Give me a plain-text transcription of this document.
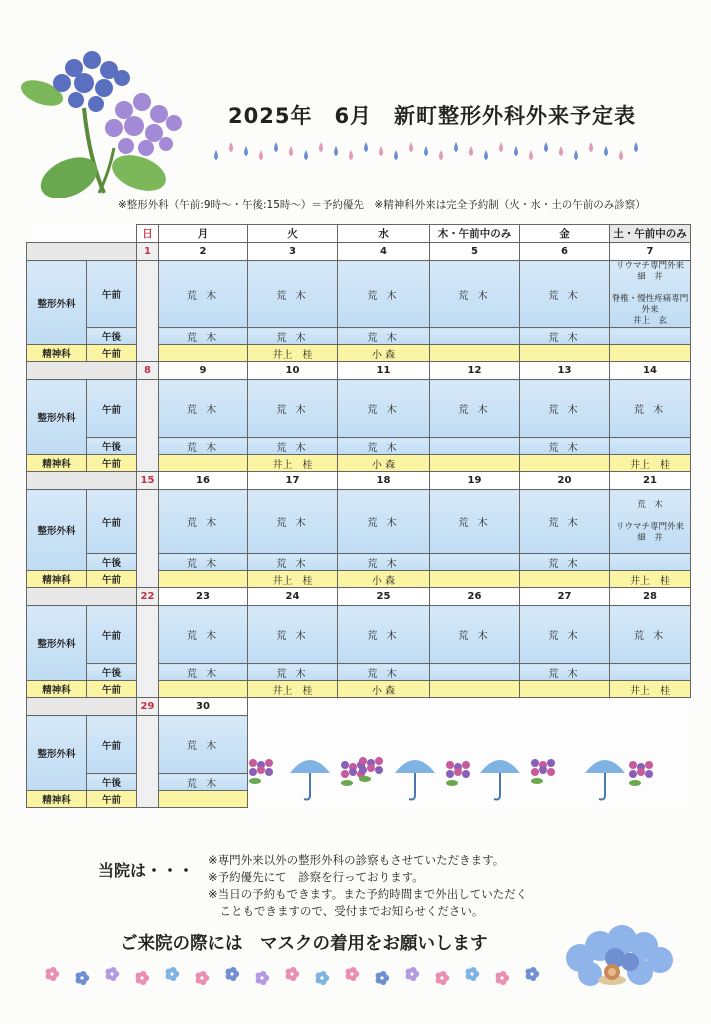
2025年　6月　新町整形外科外来予定表
※整形外科（午前:9時～・午後:15時～）＝予約優先　※精神科外来は完全予約制（火・水・土の午前のみ診察）
		日	月	火	水	木・午前中のみ	金	土・午前中のみ
		1	2	3	4	5	6	7
整形外科	午前		荒 木	荒 木	荒 木	荒 木	荒 木	リウマチ専門外来
細　井
脊椎・慢性疼痛専門外来
井上　玄

	午後		荒 木	荒 木	荒 木		荒 木	
精神科	午前			井上　桂	小 森			
		8	9	10	11	12	13	14
整形外科	午前		荒 木	荒 木	荒 木	荒 木	荒 木	荒 木
	午後		荒 木	荒 木	荒 木		荒 木	
精神科	午前			井上　桂	小 森			井上　桂
		15	16	17	18	19	20	21
整形外科	午前		荒 木	荒 木	荒 木	荒 木	荒 木	荒　木
リウマチ専門外来
細　井

	午後		荒 木	荒 木	荒 木		荒 木	
精神科	午前			井上　桂	小 森			井上　桂
		22	23	24	25	26	27	28
整形外科	午前		荒 木	荒 木	荒 木	荒 木	荒 木	荒 木
	午後		荒 木	荒 木	荒 木		荒 木	
精神科	午前			井上　桂	小 森			井上　桂
		29	30					
整形外科	午前		荒 木					
	午後		荒 木					
精神科	午前							
当院は・・・
※専門外来以外の整形外科の診察もさせていただきます。
※予約優先にて　診察を行っております。
※当日の予約もできます。また予約時間まで外出していただく
　こともできますので、受付までお知らせください。
ご来院の際には　マスクの着用をお願いします
